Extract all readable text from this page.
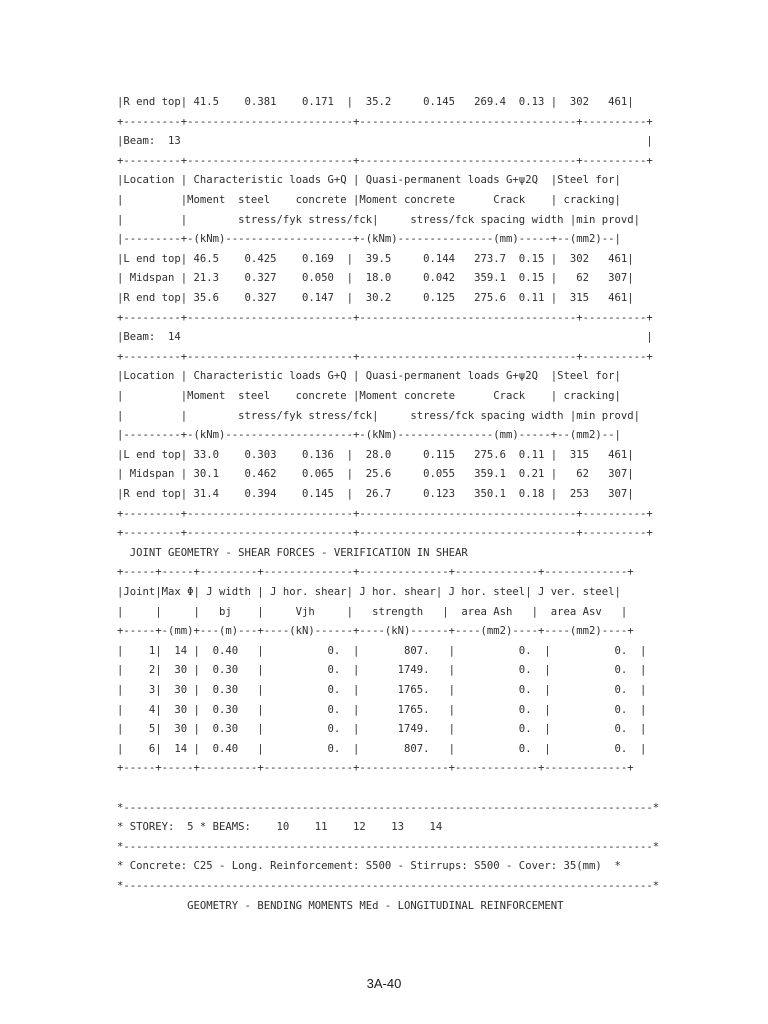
|R end top| 41.5    0.381    0.171  |  35.2     0.145   269.4  0.13 |  302   461|
+---------+--------------------------+----------------------------------+----------+
|Beam:  13                                                                         |
+---------+--------------------------+----------------------------------+----------+
|Location | Characteristic loads G+Q | Quasi-permanent loads G+ψ2Q  |Steel for|
|         |Moment  steel    concrete |Moment concrete      Crack    | cracking|
|         |        stress/fyk stress/fck|     stress/fck spacing width |min provd|
|---------+-(kNm)--------------------+-(kNm)---------------(mm)-----+--(mm2)--|
|L end top| 46.5    0.425    0.169  |  39.5     0.144   273.7  0.15 |  302   461|
| Midspan | 21.3    0.327    0.050  |  18.0     0.042   359.1  0.15 |   62   307|
|R end top| 35.6    0.327    0.147  |  30.2     0.125   275.6  0.11 |  315   461|
+---------+--------------------------+----------------------------------+----------+
|Beam:  14                                                                         |
+---------+--------------------------+----------------------------------+----------+
|Location | Characteristic loads G+Q | Quasi-permanent loads G+ψ2Q  |Steel for|
|         |Moment  steel    concrete |Moment concrete      Crack    | cracking|
|         |        stress/fyk stress/fck|     stress/fck spacing width |min provd|
|---------+-(kNm)--------------------+-(kNm)---------------(mm)-----+--(mm2)--|
|L end top| 33.0    0.303    0.136  |  28.0     0.115   275.6  0.11 |  315   461|
| Midspan | 30.1    0.462    0.065  |  25.6     0.055   359.1  0.21 |   62   307|
|R end top| 31.4    0.394    0.145  |  26.7     0.123   350.1  0.18 |  253   307|
+---------+--------------------------+----------------------------------+----------+
+---------+--------------------------+----------------------------------+----------+
JOINT GEOMETRY - SHEAR FORCES - VERIFICATION IN SHEAR
+-----+-----+---------+--------------+--------------+-------------+-------------+
|Joint|Max Φ| J width | J hor. shear| J hor. shear| J hor. steel| J ver. steel|
|     |     |   bj    |     Vjh     |   strength   |  area Ash   |  area Asv   |
+-----+-(mm)+---(m)---+----(kN)------+----(kN)------+----(mm2)----+----(mm2)----+
|    1|  14 |  0.40   |          0.  |       807.   |          0.  |          0.  |
|    2|  30 |  0.30   |          0.  |      1749.   |          0.  |          0.  |
|    3|  30 |  0.30   |          0.  |      1765.   |          0.  |          0.  |
|    4|  30 |  0.30   |          0.  |      1765.   |          0.  |          0.  |
|    5|  30 |  0.30   |          0.  |      1749.   |          0.  |          0.  |
|    6|  14 |  0.40   |          0.  |       807.   |          0.  |          0.  |
+-----+-----+---------+--------------+--------------+-------------+-------------+
*-----------------------------------------------------------------------------------*
* STOREY:  5 * BEAMS:    10    11    12    13    14
*-----------------------------------------------------------------------------------*
* Concrete: C25 - Long. Reinforcement: S500 - Stirrups: S500 - Cover: 35(mm)  *
*-----------------------------------------------------------------------------------*
GEOMETRY - BENDING MOMENTS MEd - LONGITUDINAL REINFORCEMENT
3A-40
